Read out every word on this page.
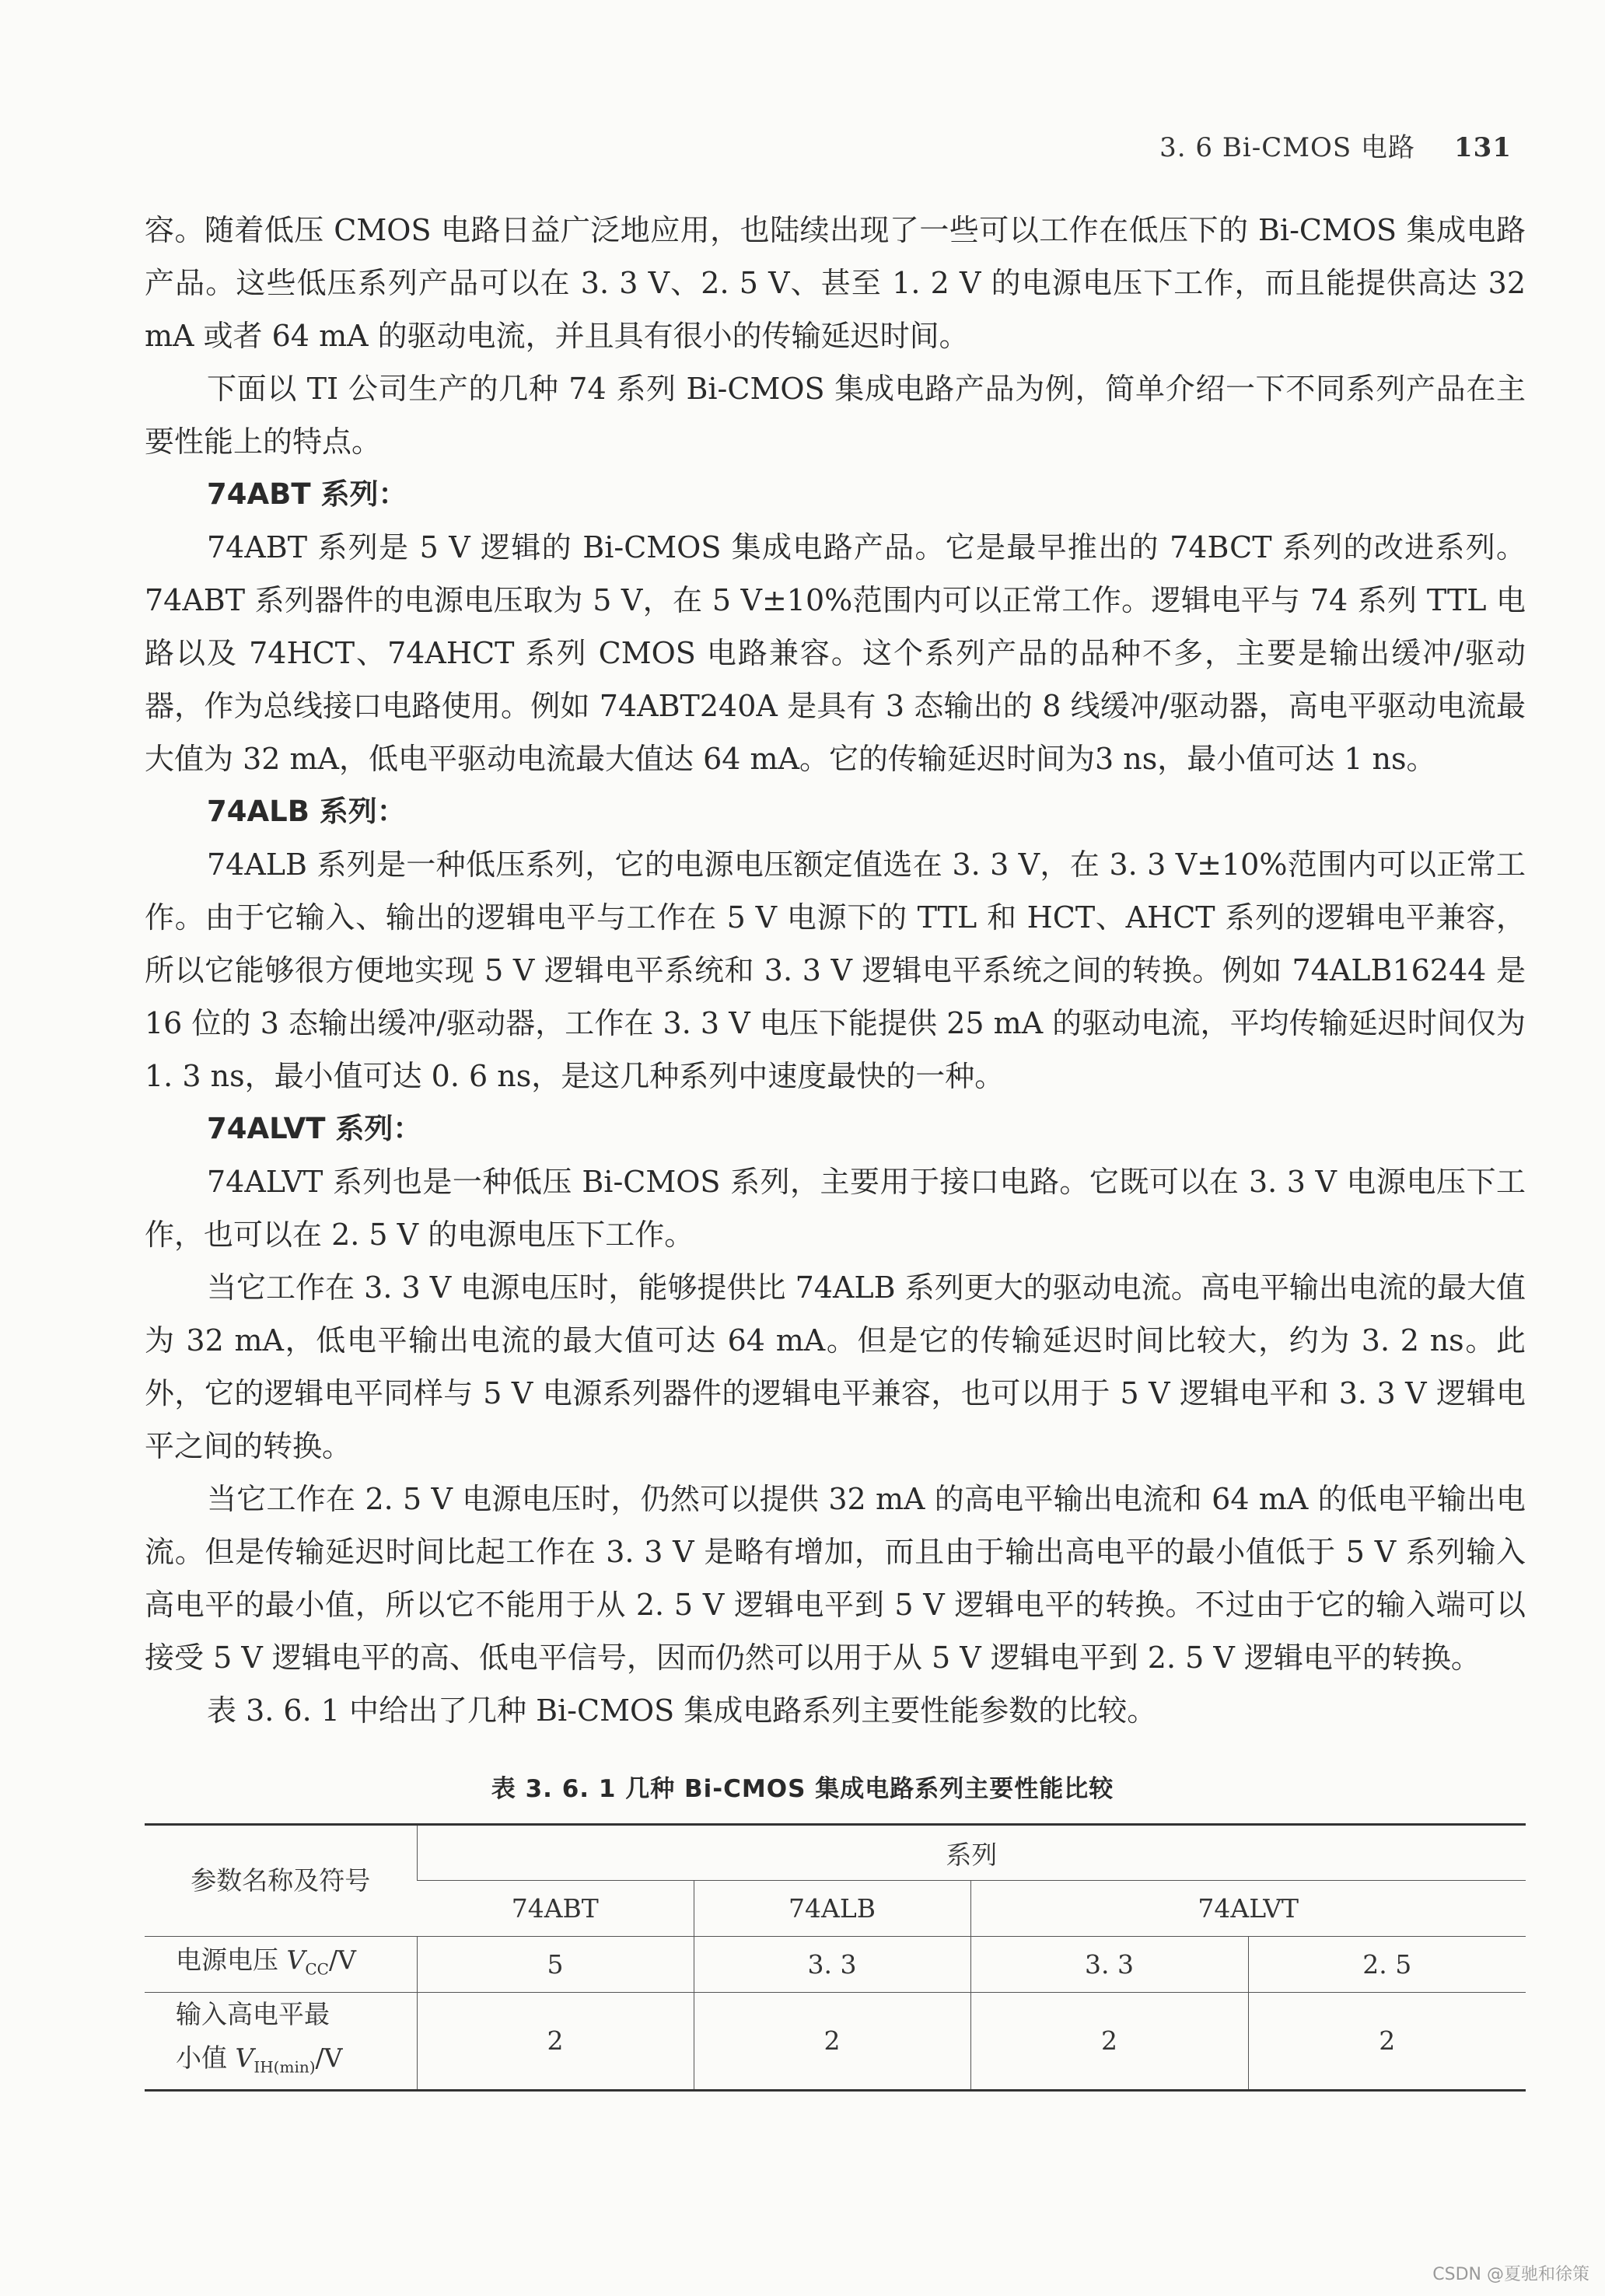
3. 6 Bi-CMOS 电路 131

容。随着低压 CMOS 电路日益广泛地应用，也陆续出现了一些可以工作在低压下的 Bi-CMOS 集成电路产品。这些低压系列产品可以在 3. 3 V、2. 5 V、甚至 1. 2 V 的电源电压下工作，而且能提供高达 32 mA 或者 64 mA 的驱动电流，并且具有很小的传输延迟时间。

下面以 TI 公司生产的几种 74 系列 Bi-CMOS 集成电路产品为例，简单介绍一下不同系列产品在主要性能上的特点。

74ABT 系列：

74ABT 系列是 5 V 逻辑的 Bi-CMOS 集成电路产品。它是最早推出的 74BCT 系列的改进系列。74ABT 系列器件的电源电压取为 5 V，在 5 V±10%范围内可以正常工作。逻辑电平与 74 系列 TTL 电路以及 74HCT、74AHCT 系列 CMOS 电路兼容。这个系列产品的品种不多，主要是输出缓冲/驱动器，作为总线接口电路使用。例如 74ABT240A 是具有 3 态输出的 8 线缓冲/驱动器，高电平驱动电流最大值为 32 mA，低电平驱动电流最大值达 64 mA。它的传输延迟时间为3 ns，最小值可达 1 ns。

74ALB 系列：

74ALB 系列是一种低压系列，它的电源电压额定值选在 3. 3 V，在 3. 3 V±10%范围内可以正常工作。由于它输入、输出的逻辑电平与工作在 5 V 电源下的 TTL 和 HCT、AHCT 系列的逻辑电平兼容，所以它能够很方便地实现 5 V 逻辑电平系统和 3. 3 V 逻辑电平系统之间的转换。例如 74ALB16244 是 16 位的 3 态输出缓冲/驱动器，工作在 3. 3 V 电压下能提供 25 mA 的驱动电流，平均传输延迟时间仅为 1. 3 ns，最小值可达 0. 6 ns，是这几种系列中速度最快的一种。

74ALVT 系列：

74ALVT 系列也是一种低压 Bi-CMOS 系列，主要用于接口电路。它既可以在 3. 3 V 电源电压下工作，也可以在 2. 5 V 的电源电压下工作。

当它工作在 3. 3 V 电源电压时，能够提供比 74ALB 系列更大的驱动电流。高电平输出电流的最大值为 32 mA，低电平输出电流的最大值可达 64 mA。但是它的传输延迟时间比较大，约为 3. 2 ns。此外，它的逻辑电平同样与 5 V 电源系列器件的逻辑电平兼容，也可以用于 5 V 逻辑电平和 3. 3 V 逻辑电平之间的转换。

当它工作在 2. 5 V 电源电压时，仍然可以提供 32 mA 的高电平输出电流和 64 mA 的低电平输出电流。但是传输延迟时间比起工作在 3. 3 V 是略有增加，而且由于输出高电平的最小值低于 5 V 系列输入高电平的最小值，所以它不能用于从 2. 5 V 逻辑电平到 5 V 逻辑电平的转换。不过由于它的输入端可以接受 5 V 逻辑电平的高、低电平信号，因而仍然可以用于从 5 V 逻辑电平到 2. 5 V 逻辑电平的转换。

表 3. 6. 1 中给出了几种 Bi-CMOS 集成电路系列主要性能参数的比较。

表 3. 6. 1 几种 Bi-CMOS 集成电路系列主要性能比较
参数名称及符号	系列			
	74ABT	74ALB	74ALVT	
电源电压 $V_{CC}/V$	5	3. 3	3. 3	2. 5
输入高电平最
小值 $V_{IH(min)}/V$	2	2	2	2
CSDN @夏驰和徐策
